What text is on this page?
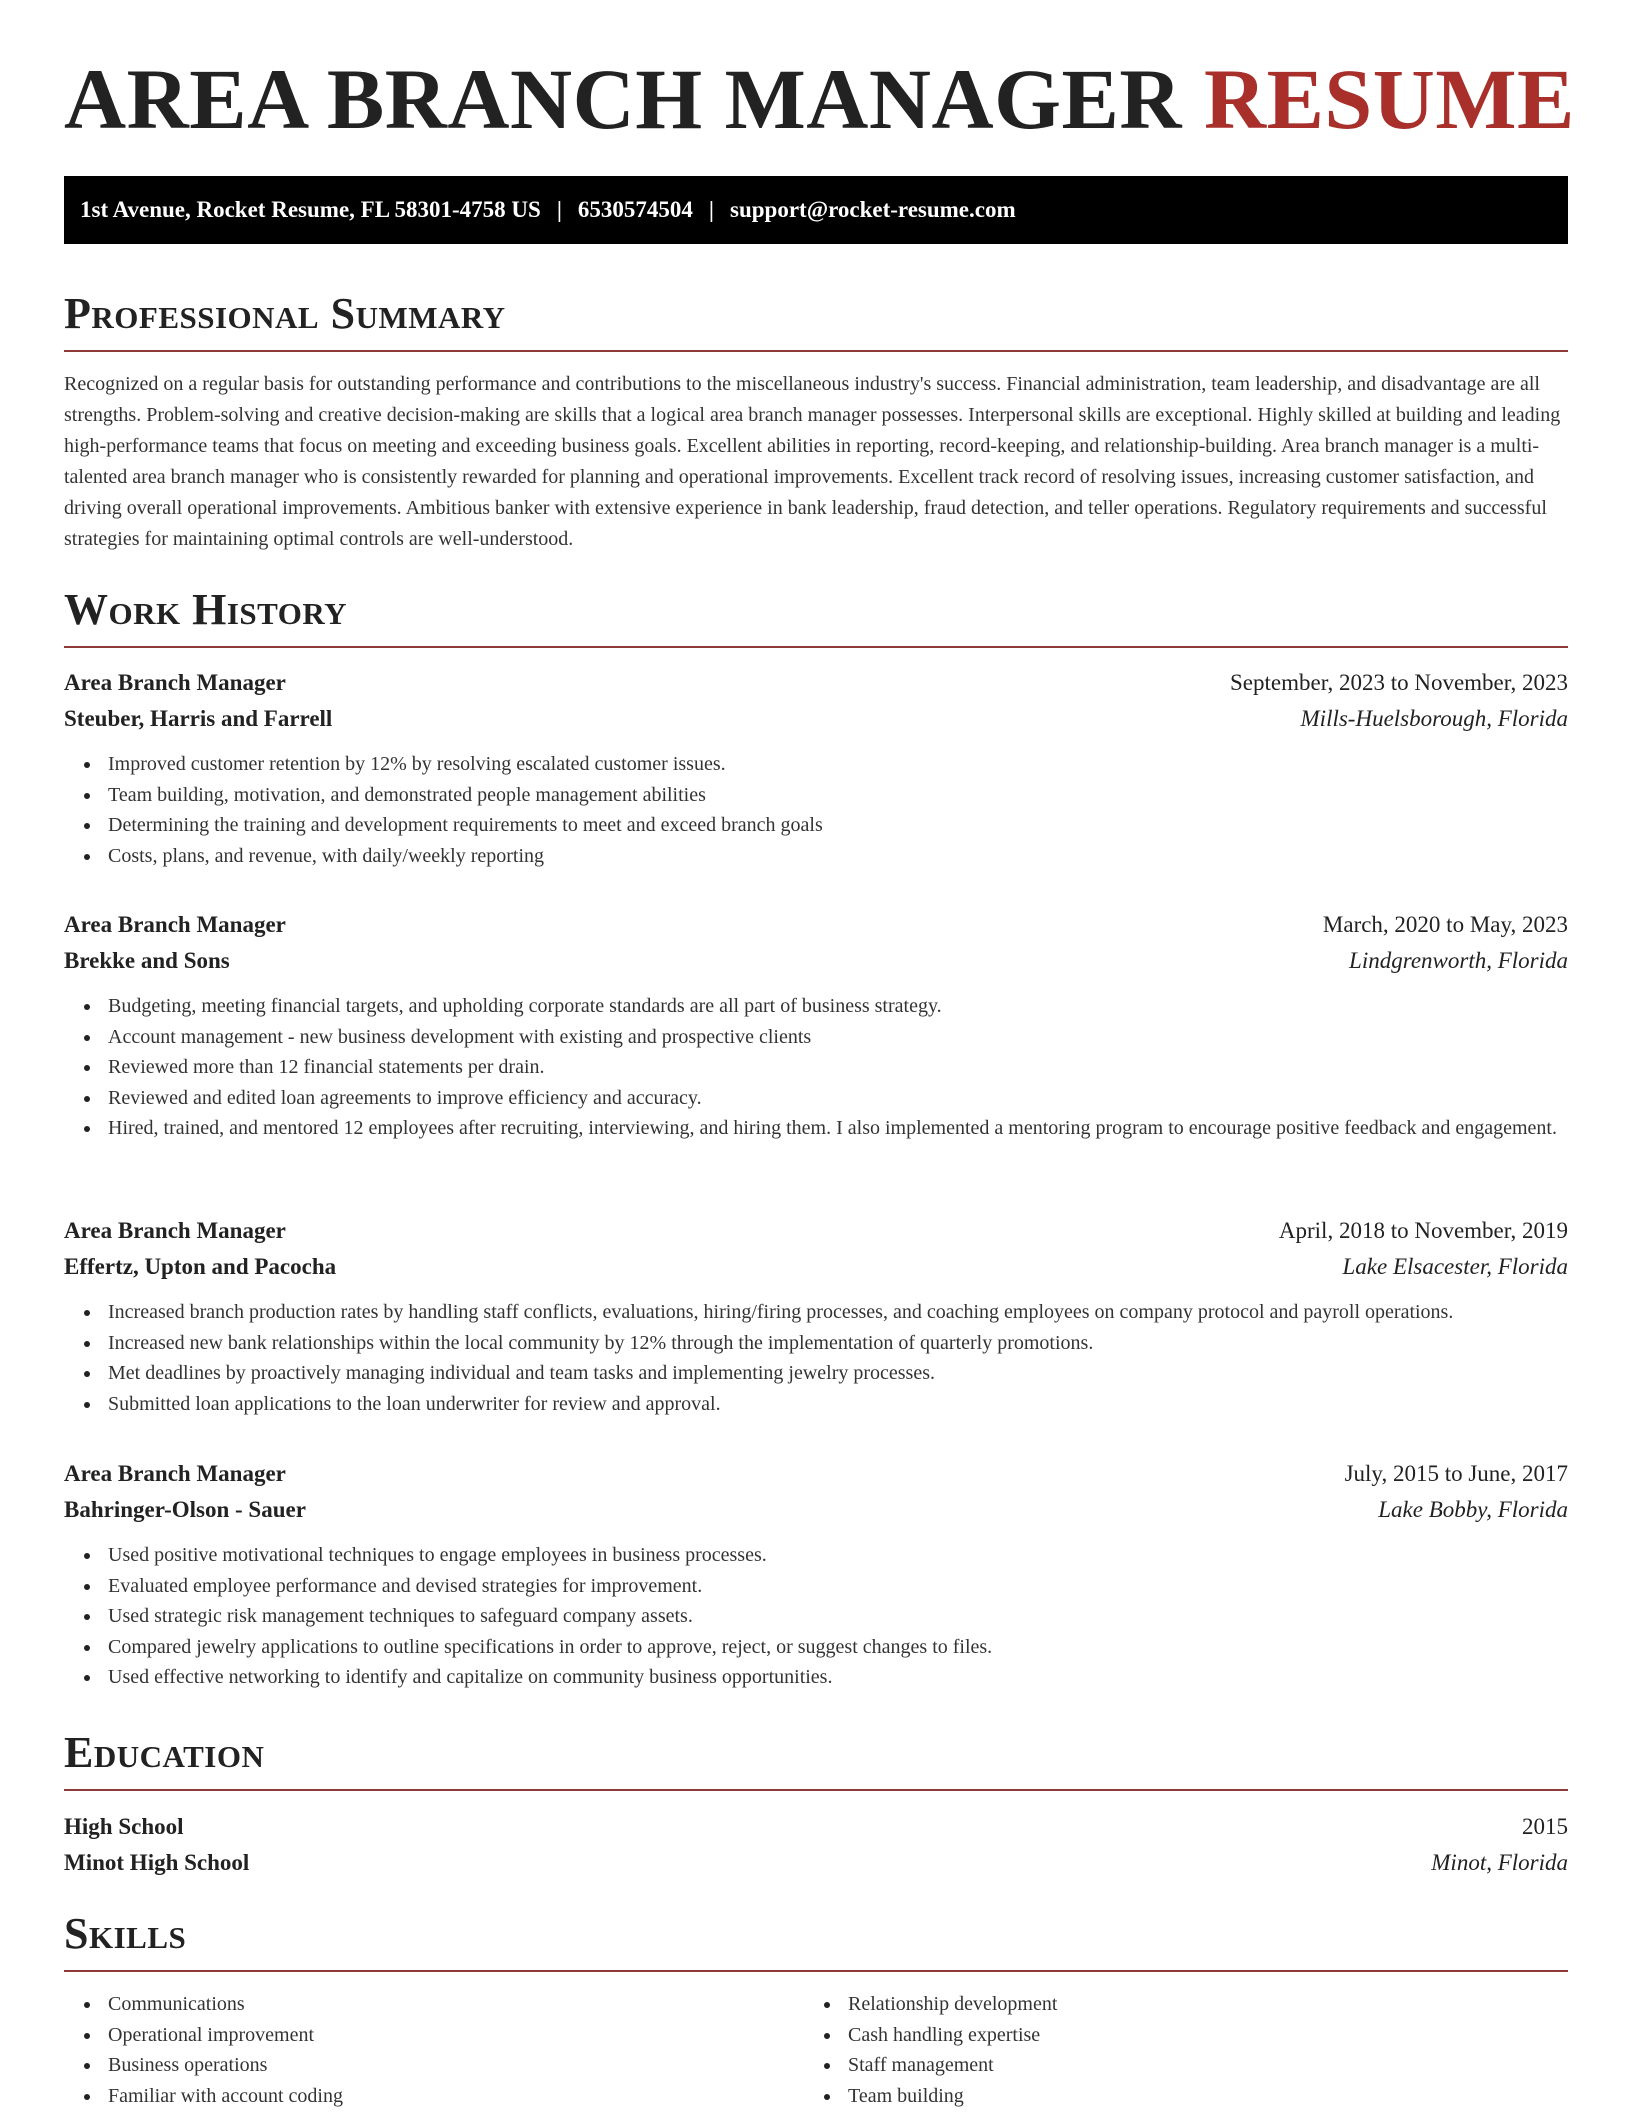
AREA BRANCH MANAGER RESUME
1st Avenue, Rocket Resume, FL 58301-4758 US | 6530574504 | support@rocket-resume.com
Professional Summary

Recognized on a regular basis for outstanding performance and contributions to the miscellaneous industry's success. Financial administration, team leadership, and disadvantage are all strengths. Problem-solving and creative decision-making are skills that a logical area branch manager possesses. Interpersonal skills are exceptional. Highly skilled at building and leading high-performance teams that focus on meeting and exceeding business goals. Excellent abilities in reporting, record-keeping, and relationship-building. Area branch manager is a multi-talented area branch manager who is consistently rewarded for planning and operational improvements. Excellent track record of resolving issues, increasing customer satisfaction, and driving overall operational improvements. Ambitious banker with extensive experience in bank leadership, fraud detection, and teller operations. Regulatory requirements and successful strategies for maintaining optimal controls are well-understood.

Work History
Area Branch Manager	September, 2023 to November, 2023
Steuber, Harris and Farrell	Mills-Huelsborough, Florida
Improved customer retention by 12% by resolving escalated customer issues.
Team building, motivation, and demonstrated people management abilities
Determining the training and development requirements to meet and exceed branch goals
Costs, plans, and revenue, with daily/weekly reporting
Area Branch Manager	March, 2020 to May, 2023
Brekke and Sons	Lindgrenworth, Florida
Budgeting, meeting financial targets, and upholding corporate standards are all part of business strategy.
Account management - new business development with existing and prospective clients
Reviewed more than 12 financial statements per drain.
Reviewed and edited loan agreements to improve efficiency and accuracy.
Hired, trained, and mentored 12 employees after recruiting, interviewing, and hiring them. I also implemented a mentoring program to encourage positive feedback and engagement.
Area Branch Manager	April, 2018 to November, 2019
Effertz, Upton and Pacocha	Lake Elsacester, Florida
Increased branch production rates by handling staff conflicts, evaluations, hiring/firing processes, and coaching employees on company protocol and payroll operations.
Increased new bank relationships within the local community by 12% through the implementation of quarterly promotions.
Met deadlines by proactively managing individual and team tasks and implementing jewelry processes.
Submitted loan applications to the loan underwriter for review and approval.
Area Branch Manager	July, 2015 to June, 2017
Bahringer-Olson - Sauer	Lake Bobby, Florida
Used positive motivational techniques to engage employees in business processes.
Evaluated employee performance and devised strategies for improvement.
Used strategic risk management techniques to safeguard company assets.
Compared jewelry applications to outline specifications in order to approve, reject, or suggest changes to files.
Used effective networking to identify and capitalize on community business opportunities.
Education
High School	2015
Minot High School	Minot, Florida
Skills
Communications
Operational improvement
Business operations
Familiar with account coding
Relationship development
Cash handling expertise
Staff management
Team building
